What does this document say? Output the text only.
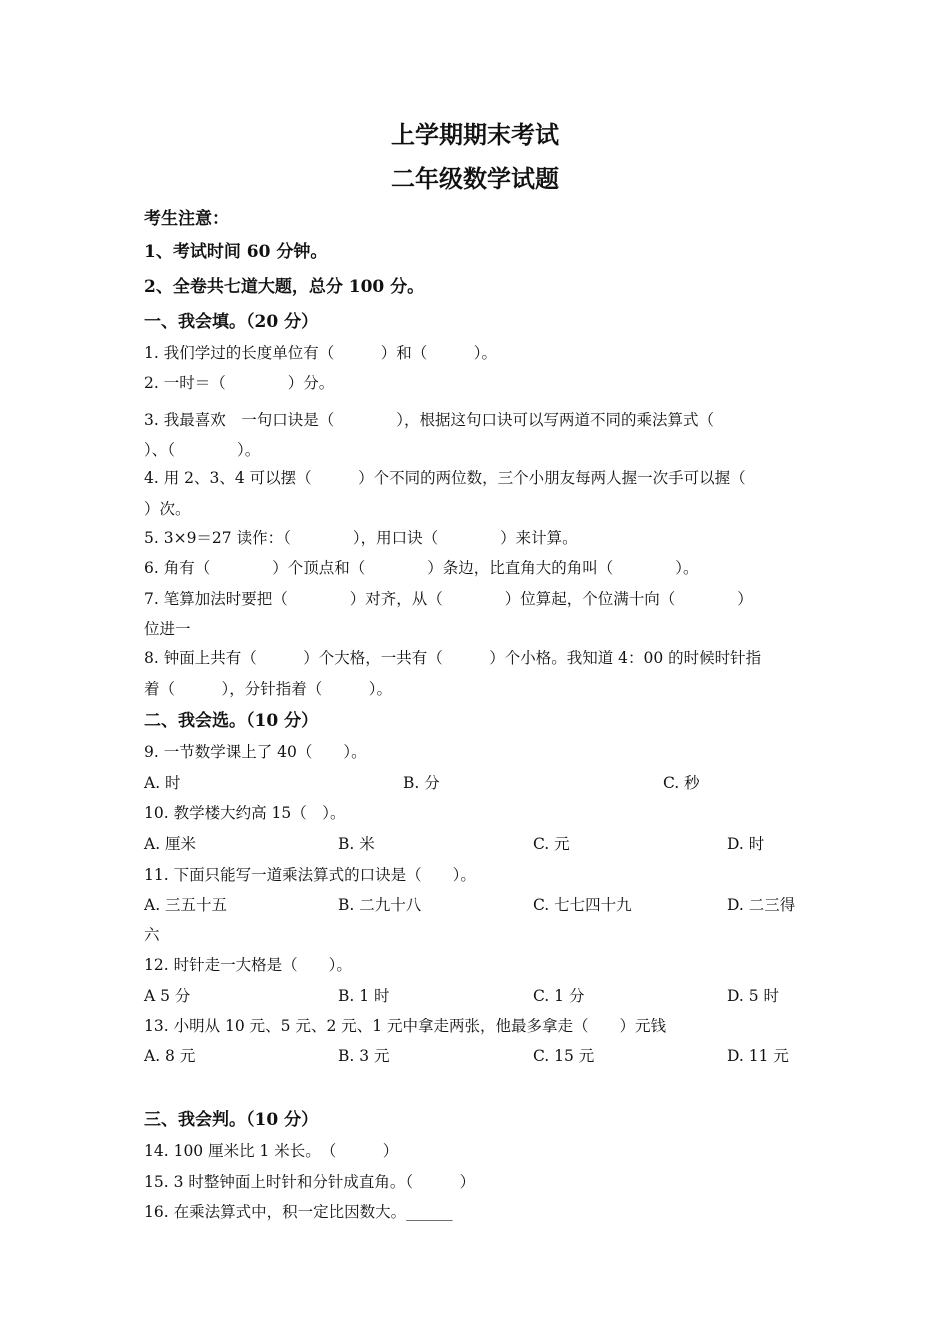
上学期期末考试
二年级数学试题
考生注意：
1、考试时间 60 分钟。
2、全卷共七道大题，总分 100 分。
一、我会填。（20 分）
1. 我们学过的长度单位有（　　　）和（　　　）。
2. 一时＝（　　　　）分。
3. 我最喜欢　一句口诀是（　　　　），根据这句口诀可以写两道不同的乘法算式（
）、（　　　　）。
4. 用 2、3、4 可以摆（　　　）个不同的两位数，三个小朋友每两人握一次手可以握（
）次。
5. 3×9＝27 读作：（　　　　），用口诀（　　　　）来计算。
6. 角有（　　　　）个顶点和（　　　　）条边，比直角大的角叫（　　　　）。
7. 笔算加法时要把（　　　　）对齐，从（　　　　）位算起，个位满十向（　　　　）
位进一
8. 钟面上共有（　　　）个大格，一共有（　　　）个小格。我知道 4：00 的时候时针指
着（　　　），分针指着（　　　）。
二、我会选。（10 分）
9. 一节数学课上了 40（　　）。
A. 时	B. 分	C. 秒
10. 教学楼大约高 15（　）。
A. 厘米	B. 米	C. 元	D. 时
11. 下面只能写一道乘法算式的口诀是（　　）。
A. 三五十五	B. 二九十八	C. 七七四十九	D. 二三得
六
12. 时针走一大格是（　　）。
A 5 分	B. 1 时	C. 1 分	D. 5 时
13. 小明从 10 元、5 元、2 元、1 元中拿走两张，他最多拿走（　　）元钱
A. 8 元	B. 3 元	C. 15 元	D. 11 元
三、我会判。（10 分）
14. 100 厘米比 1 米长。　（　　　）
15. 3 时整钟面上时针和分针成直角。（　　　）
16. 在乘法算式中，积一定比因数大。______
